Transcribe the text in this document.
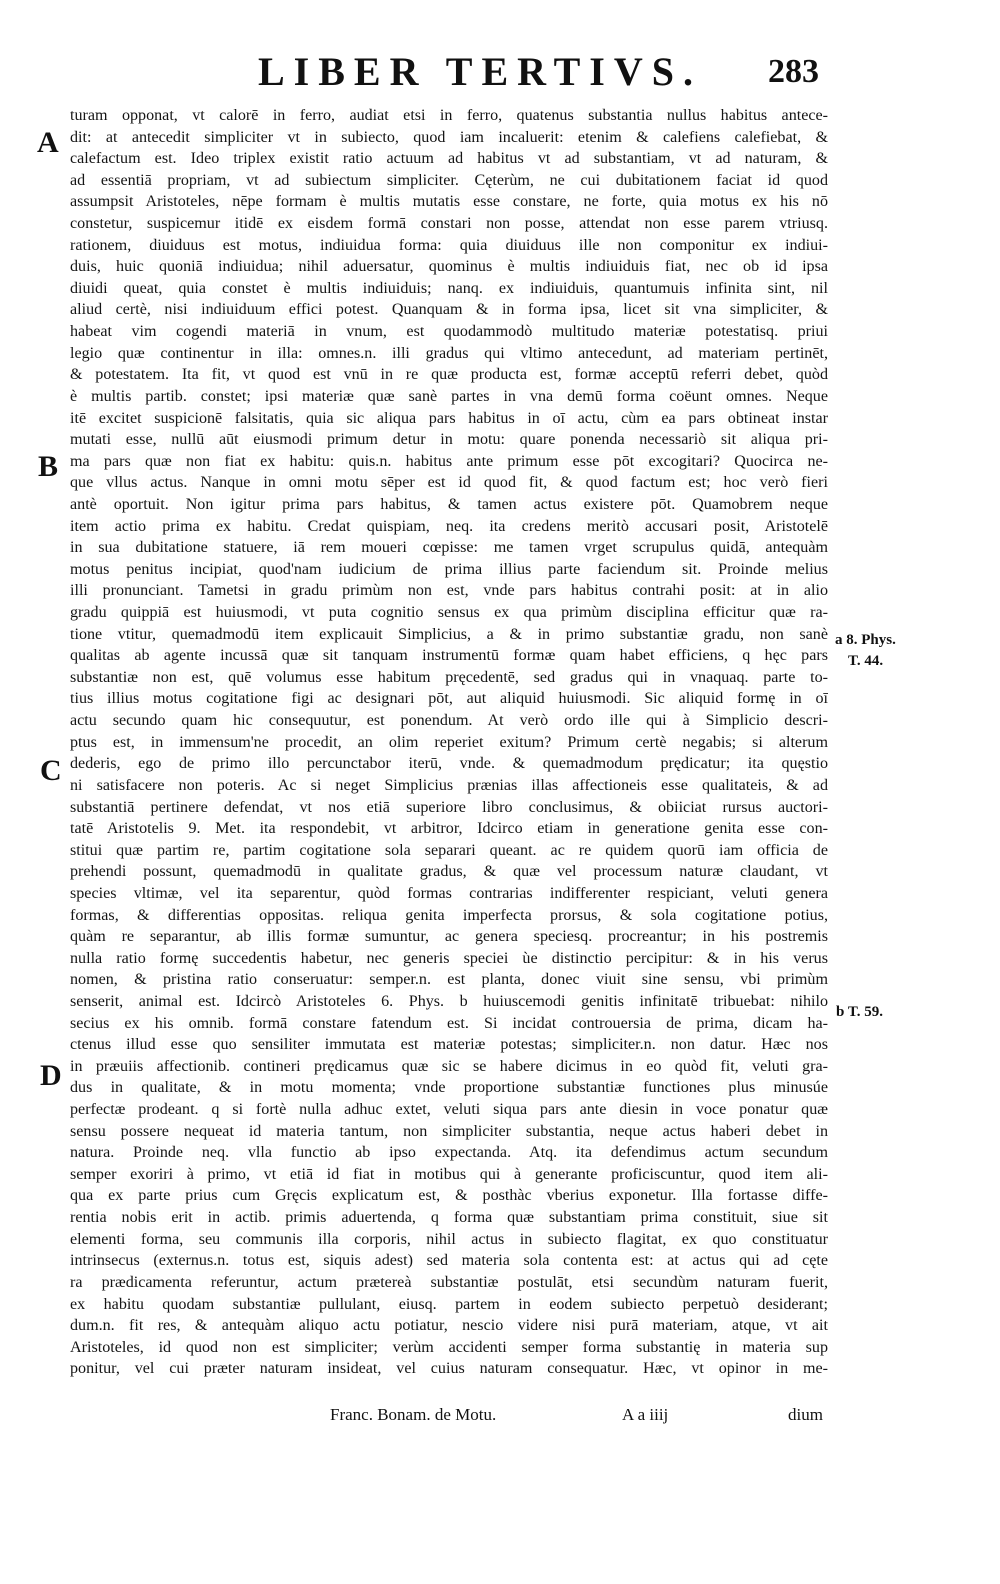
LIBER TERTIVS.	283
A
B
C
D
a 8. Phys.
T. 44.
b T. 59.
turam opponat, vt calorē in ferro, audiat etsi in ferro, quatenus substantia nullus habitus antece-
dit: at antecedit simpliciter vt in subiecto, quod iam incaluerit: etenim & calefiens calefiebat, &
calefactum est. Ideo triplex existit ratio actuum ad habitus vt ad substantiam, vt ad naturam, &
ad essentiā propriam, vt ad subiectum simpliciter. Cęterùm, ne cui dubitationem faciat id quod
assumpsit Aristoteles, nēpe formam è multis mutatis esse constare, ne forte, quia motus ex his nō
constetur, suspicemur itidē ex eisdem formā constari non posse, attendat non esse parem vtriusq.
rationem, diuiduus est motus, indiuidua forma: quia diuiduus ille non componitur ex indiui-
duis, huic quoniā indiuidua; nihil aduersatur, quominus è multis indiuiduis fiat, nec ob id ipsa
diuidi queat, quia constet è multis indiuiduis; nanq. ex indiuiduis, quantumuis infinita sint, nil
aliud certè, nisi indiuiduum effici potest. Quanquam & in forma ipsa, licet sit vna simpliciter, &
habeat vim cogendi materiā in vnum, est quodammodò multitudo materiæ potestatisq. priui
legio quæ continentur in illa: omnes.n. illi gradus qui vltimo antecedunt, ad materiam pertinēt,
& potestatem. Ita fit, vt quod est vnū in re quæ producta est, formæ acceptū referri debet, quòd
è multis partib. constet; ipsi materiæ quæ sanè partes in vna demū forma coëunt omnes. Neque
itē excitet suspicionē falsitatis, quia sic aliqua pars habitus in oī actu, cùm ea pars obtineat instar
mutati esse, nullū aūt eiusmodi primum detur in motu: quare ponenda necessariò sit aliqua pri-
ma pars quæ non fiat ex habitu: quis.n. habitus ante primum esse pōt excogitari? Quocirca ne-
que vllus actus. Nanque in omni motu sēper est id quod fit, & quod factum est; hoc verò fieri
antè oportuit. Non igitur prima pars habitus, & tamen actus existere pōt. Quamobrem neque
item actio prima ex habitu. Credat quispiam, neq. ita credens meritò accusari posit, Aristotelē
in sua dubitatione statuere, iā rem moueri cœpisse: me tamen vrget scrupulus quidā, antequàm
motus penitus incipiat, quod'nam iudicium de prima illius parte faciendum sit. Proinde melius
illi pronunciant. Tametsi in gradu primùm non est, vnde pars habitus contrahi posit: at in alio
gradu quippiā est huiusmodi, vt puta cognitio sensus ex qua primùm disciplina efficitur quæ ra-
tione vtitur, quemadmodū item explicauit Simplicius, a & in primo substantiæ gradu, non sanè
qualitas ab agente incussā quæ sit tanquam instrumentū formæ quam habet efficiens, q hęc pars
substantiæ non est, quē volumus esse habitum pręcedentē, sed gradus qui in vnaquaq. parte to-
tius illius motus cogitatione figi ac designari pōt, aut aliquid huiusmodi. Sic aliquid formę in oī
actu secundo quam hic consequutur, est ponendum. At verò ordo ille qui à Simplicio descri-
ptus est, in immensum'ne procedit, an olim reperiet exitum? Primum certè negabis; si alterum
dederis, ego de primo illo percunctabor iterū, vnde. & quemadmodum prędicatur; ita quęstio
ni satisfacere non poteris. Ac si neget Simplicius prænias illas affectioneis esse qualitateis, & ad
substantiā pertinere defendat, vt nos etiā superiore libro conclusimus, & obiiciat rursus auctori-
tatē Aristotelis 9. Met. ita respondebit, vt arbitror, Idcirco etiam in generatione genita esse con-
stitui quæ partim re, partim cogitatione sola separari queant. ac re quidem quorū iam officia de
prehendi possunt, quemadmodū in qualitate gradus, & quæ vel processum naturæ claudant, vt
species vltimæ, vel ita separentur, quòd formas contrarias indifferenter respiciant, veluti genera
formas, & differentias oppositas. reliqua genita imperfecta prorsus, & sola cogitatione potius,
quàm re separantur, ab illis formæ sumuntur, ac genera speciesq. procreantur; in his postremis
nulla ratio formę succedentis habetur, nec generis speciei ùe distinctio percipitur: & in his verus
nomen, & pristina ratio conseruatur: semper.n. est planta, donec viuit sine sensu, vbi primùm
senserit, animal est. Idcircò Aristoteles 6. Phys. b huiuscemodi genitis infinitatē tribuebat: nihilo
secius ex his omnib. formā constare fatendum est. Si incidat controuersia de prima, dicam ha-
ctenus illud esse quo sensiliter immutata est materiæ potestas; simpliciter.n. non datur. Hæc nos
in præuiis affectionib. contineri prędicamus quæ sic se habere dicimus in eo quòd fit, veluti gra-
dus in qualitate, & in motu momenta; vnde proportione substantiæ functiones plus minusúe
perfectæ prodeant. q si fortè nulla adhuc extet, veluti siqua pars ante diesin in voce ponatur quæ
sensu possere nequeat id materia tantum, non simpliciter substantia, neque actus haberi debet in
natura. Proinde neq. vlla functio ab ipso expectanda. Atq. ita defendimus actum secundum
semper exoriri à primo, vt etiā id fiat in motibus qui à generante proficiscuntur, quod item ali-
qua ex parte prius cum Gręcis explicatum est, & posthàc vberius exponetur. Illa fortasse diffe-
rentia nobis erit in actib. primis aduertenda, q forma quæ substantiam prima constituit, siue sit
elementi forma, seu communis illa corporis, nihil actus in subiecto flagitat, ex quo constituatur
intrinsecus (externus.n. totus est, siquis adest) sed materia sola contenta est: at actus qui ad cęte
ra prædicamenta referuntur, actum prætereà substantiæ postulāt, etsi secundùm naturam fuerit,
ex habitu quodam substantiæ pullulant, eiusq. partem in eodem subiecto perpetuò desiderant;
dum.n. fit res, & antequàm aliquo actu potiatur, nescio videre nisi purā materiam, atque, vt ait
Aristoteles, id quod non est simpliciter; verùm accidenti semper forma substantię in materia sup
ponitur, vel cui præter naturam insideat, vel cuius naturam consequatur. Hæc, vt opinor in me-
Franc. Bonam. de Motu.	A a iiij	dium
